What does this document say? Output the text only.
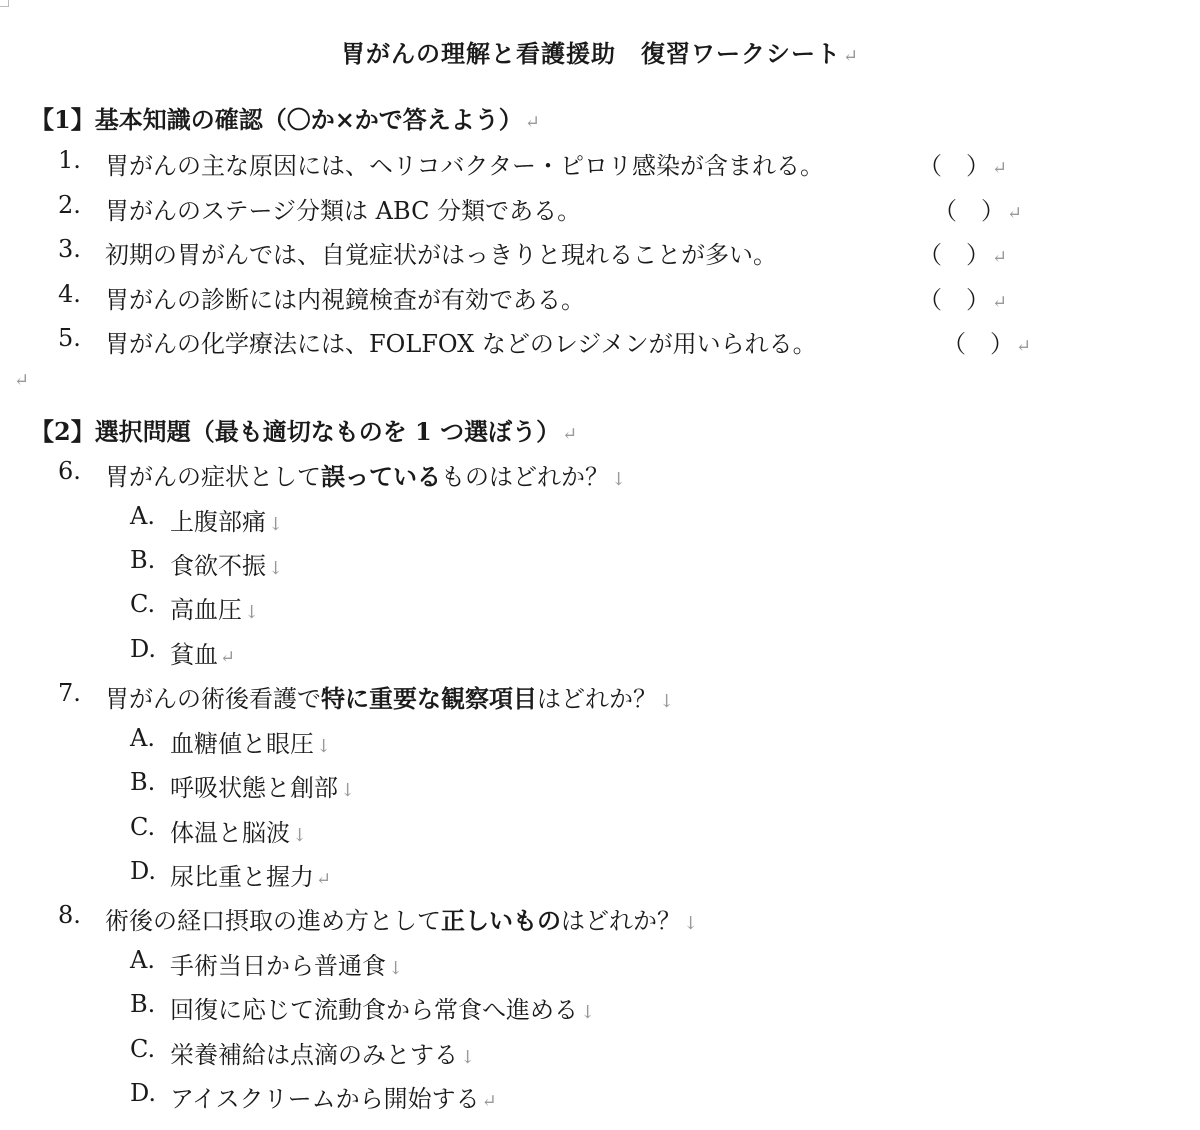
胃がんの理解と看護援助　復習ワークシート ↵
【1】基本知識の確認（〇か×かで答えよう） ↵
1. 胃がんの主な原因には、ヘリコバクター・ピロリ感染が含まれる。	（　） ↵
2. 胃がんのステージ分類は ABC 分類である。	（　） ↵
3. 初期の胃がんでは、自覚症状がはっきりと現れることが多い。	（　） ↵
4. 胃がんの診断には内視鏡検査が有効である。	（　） ↵
5. 胃がんの化学療法には、FOLFOX などのレジメンが用いられる。	（　） ↵
↵
【2】選択問題（最も適切なものを 1 つ選ぼう） ↵
6. 胃がんの症状として誤っているものはどれか？ ↓
A. 上腹部痛 ↓
B. 食欲不振 ↓
C. 高血圧 ↓
D. 貧血 ↵
7. 胃がんの術後看護で特に重要な観察項目はどれか？ ↓
A. 血糖値と眼圧 ↓
B. 呼吸状態と創部 ↓
C. 体温と脳波 ↓
D. 尿比重と握力 ↵
8. 術後の経口摂取の進め方として正しいものはどれか？ ↓
A. 手術当日から普通食 ↓
B. 回復に応じて流動食から常食へ進める ↓
C. 栄養補給は点滴のみとする ↓
D. アイスクリームから開始する ↵
